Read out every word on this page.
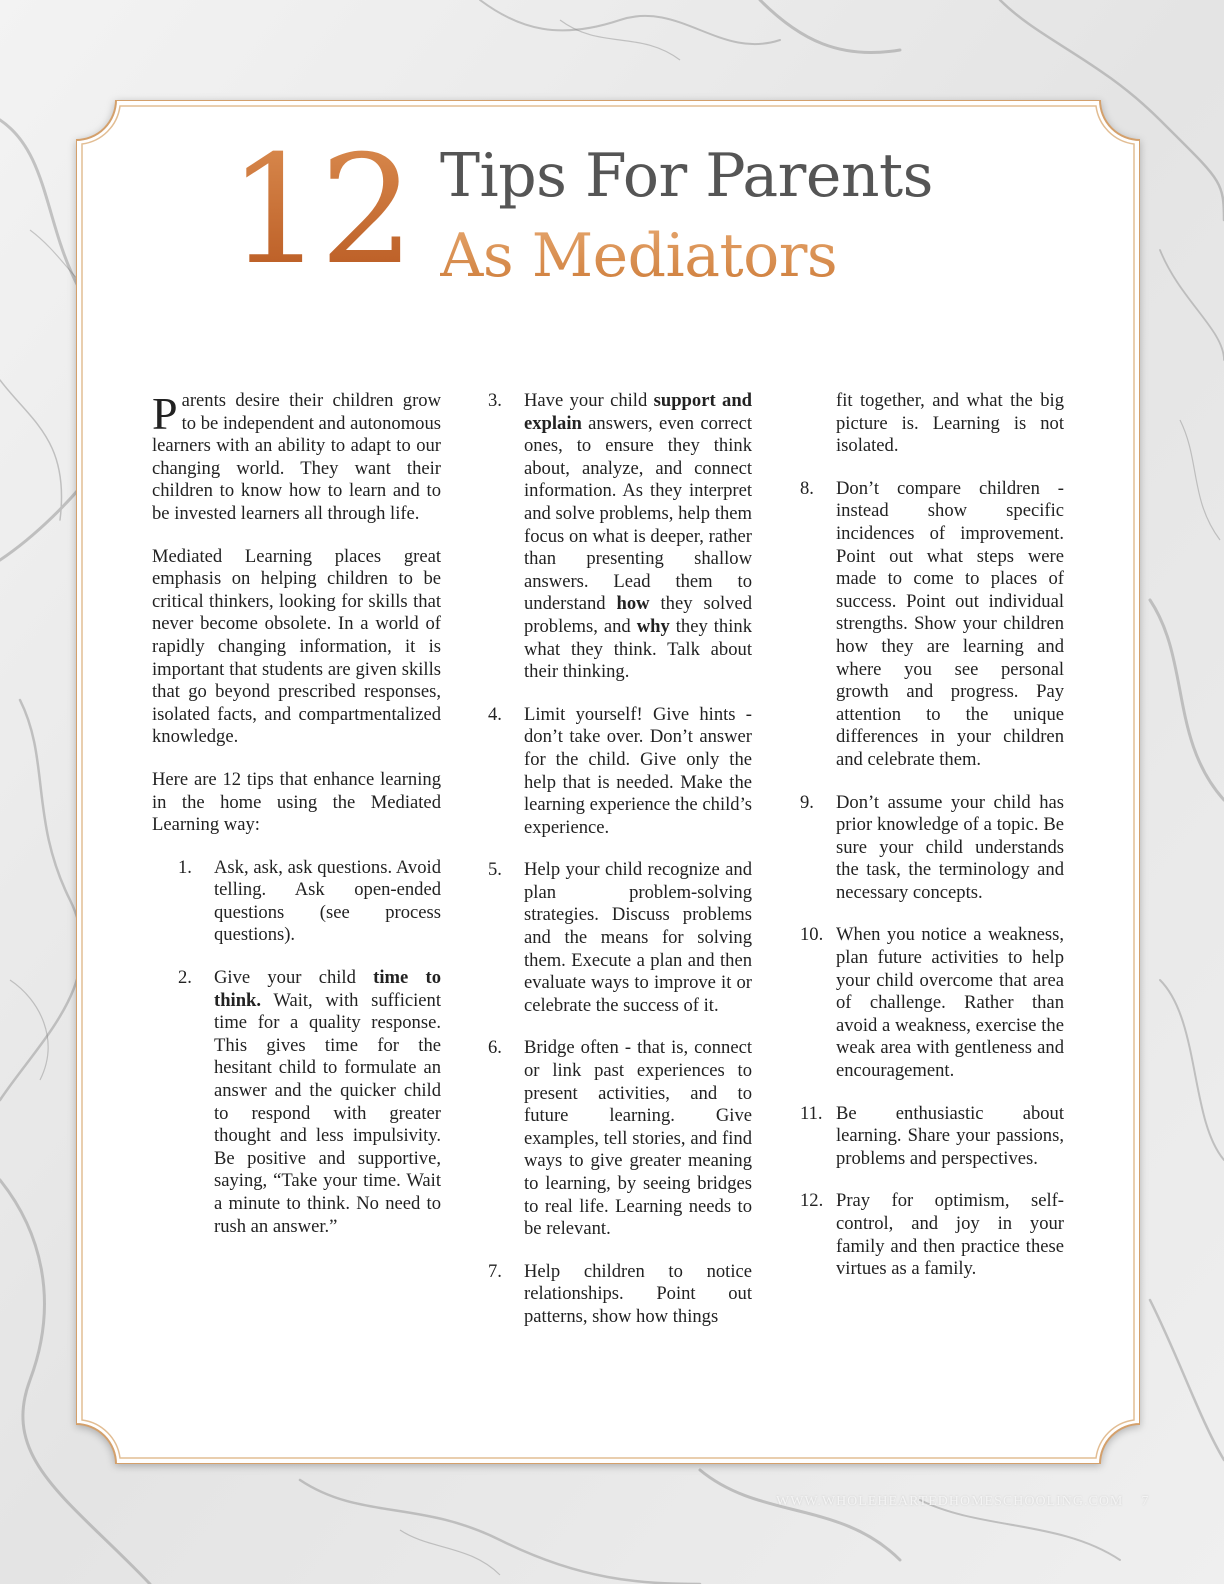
12 Tips For Parents
As Mediators

Parents desire their children grow to be independent and autonomous learners with an ability to adapt to our changing world. They want their children to know how to learn and to be invested learners all through life.

Mediated Learning places great emphasis on helping children to be critical thinkers, looking for skills that never become obsolete. In a world of rapidly changing information, it is important that students are given skills that go beyond prescribed responses, isolated facts, and compartmentalized knowledge.

Here are 12 tips that enhance learning in the home using the Mediated Learning way:

1.	Ask, ask, ask questions. Avoid telling. Ask open-ended questions (see process questions).
2.	Give your child time to think. Wait, with sufficient time for a quality response. This gives time for the hesitant child to formulate an answer and the quicker child to respond with greater thought and less impulsivity. Be positive and supportive, saying, “Take your time. Wait a minute to think. No need to rush an answer.”
3.	Have your child support and explain answers, even correct ones, to ensure they think about, analyze, and connect information. As they interpret and solve problems, help them focus on what is deeper, rather than presenting shallow answers. Lead them to understand how they solved problems, and why they think what they think. Talk about their thinking.
4.	Limit yourself! Give hints - don’t take over. Don’t answer for the child. Give only the help that is needed. Make the learning experience the child’s experience.
5.	Help your child recognize and plan problem-solving strategies. Discuss problems and the means for solving them. Execute a plan and then evaluate ways to improve it or celebrate the success of it.
6.	Bridge often - that is, connect or link past experiences to present activities, and to future learning. Give examples, tell stories, and find ways to give greater meaning to learning, by seeing bridges to real life. Learning needs to be relevant.
7.	Help children to notice relationships. Point out patterns, show how things
fit together, and what the big picture is. Learning is not isolated.
8.	Don’t compare children - instead show specific incidences of improvement. Point out what steps were made to come to places of success. Point out individual strengths. Show your children how they are learning and where you see personal growth and progress. Pay attention to the unique differences in your children and celebrate them.
9.	Don’t assume your child has prior knowledge of a topic. Be sure your child understands the task, the terminology and necessary concepts.
10. When you notice a weakness, plan future activities to help your child overcome that area of challenge. Rather than avoid a weakness, exercise the weak area with gentleness and encouragement.
11. Be enthusiastic about learning. Share your passions, problems and perspectives.
12. Pray for optimism, self-control, and joy in your family and then practice these virtues as a family.
WWW.WHOLEHEARTEDHOMESCHOOLING.COM 7
